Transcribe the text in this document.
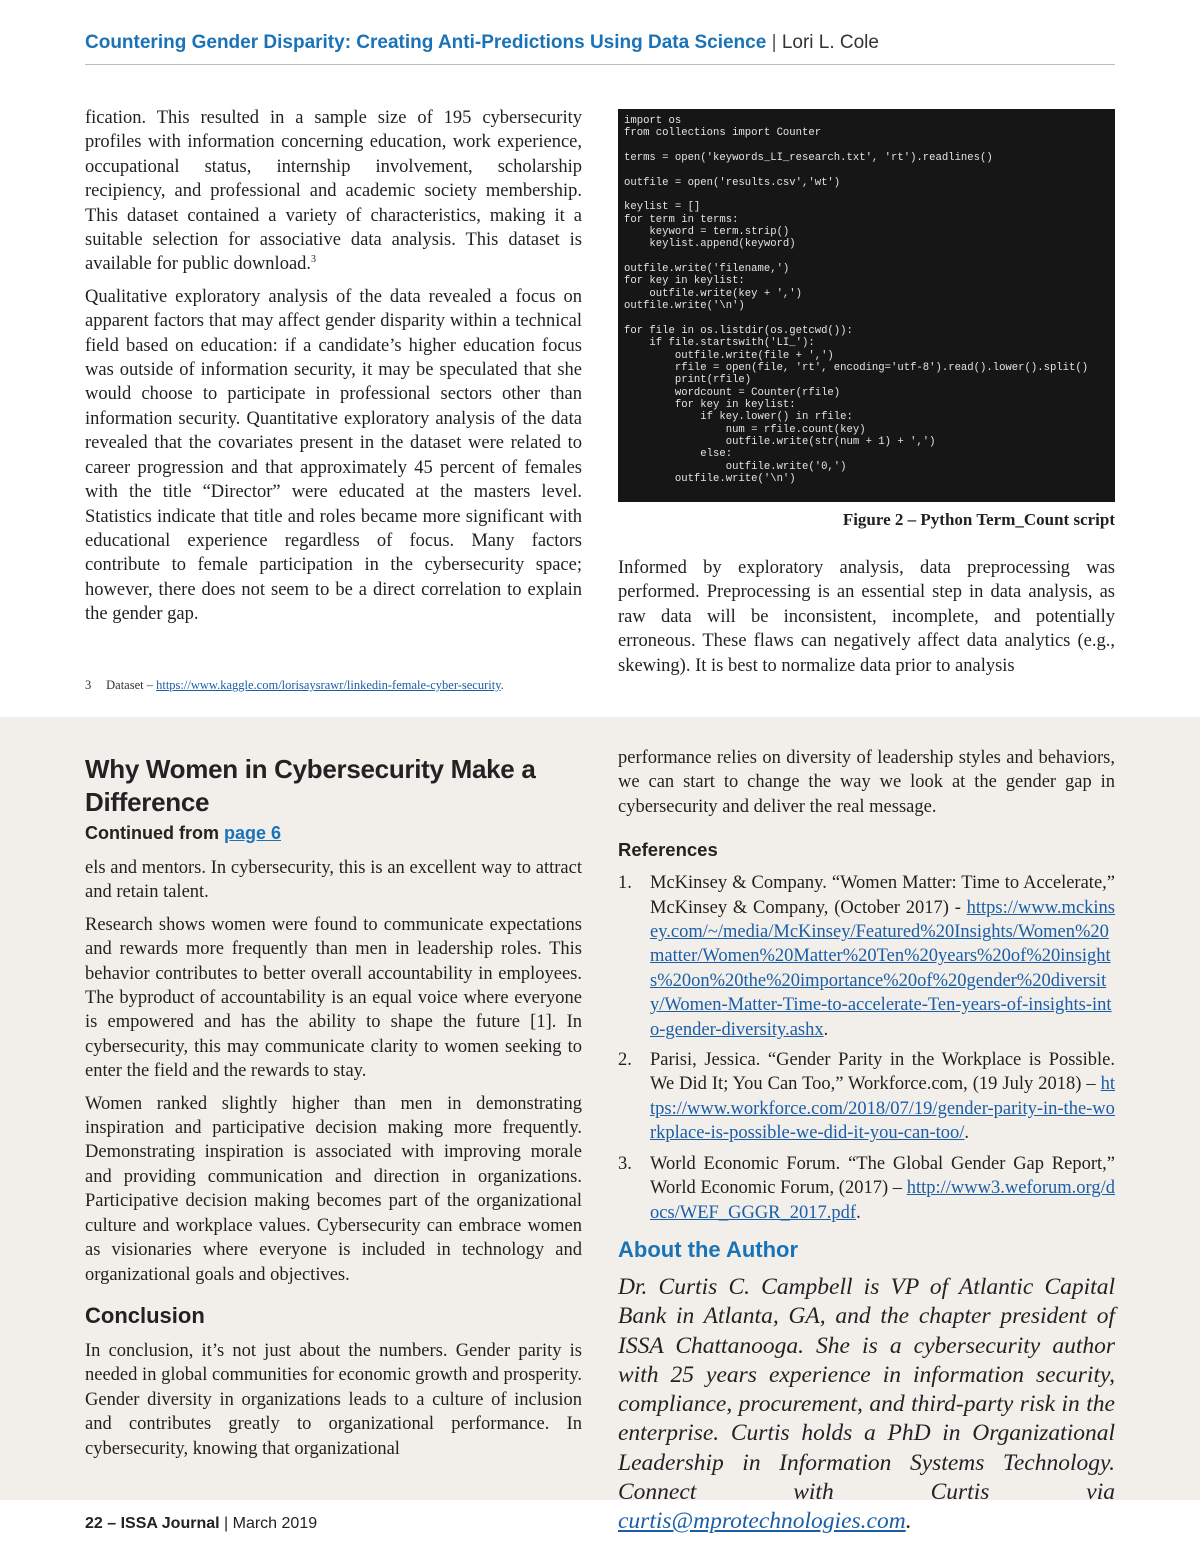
Countering Gender Disparity: Creating Anti-Predictions Using Data Science | Lori L. Cole

fication. This resulted in a sample size of 195 cybersecurity profiles with information concerning education, work experience, occupational status, internship involvement, scholarship recipiency, and professional and academic society membership. This dataset contained a variety of characteristics, making it a suitable selection for associative data analysis. This dataset is available for public download.$^3$

Qualitative exploratory analysis of the data revealed a focus on apparent factors that may affect gender disparity within a technical field based on education: if a candidate’s higher education focus was outside of information security, it may be speculated that she would choose to participate in professional sectors other than information security. Quantitative exploratory analysis of the data revealed that the covariates present in the dataset were related to career progression and that approximately 45 percent of females with the title “Director” were educated at the masters level. Statistics indicate that title and roles became more significant with educational experience regardless of focus. Many factors contribute to female participation in the cybersecurity space; however, there does not seem to be a direct correlation to explain the gender gap.

3 Dataset – https://www.kaggle.com/lorisaysrawr/linkedin-female-cyber-security.
import os
from collections import Counter

terms = open('keywords_LI_research.txt', 'rt').readlines()

outfile = open('results.csv','wt')

keylist = []
for term in terms:
keyword = term.strip()
keylist.append(keyword)

outfile.write('filename,')
for key in keylist:
outfile.write(key + ',')
outfile.write('\n')

for file in os.listdir(os.getcwd()):
if file.startswith('LI_'):
outfile.write(file + ',')
rfile = open(file, 'rt', encoding='utf-8').read().lower().split()
print(rfile)
wordcount = Counter(rfile)
for key in keylist:
if key.lower() in rfile:
num = rfile.count(key)
outfile.write(str(num + 1) + ',')
else:
outfile.write('0,')
outfile.write('\n')
Figure 2 – Python Term_Count script

Informed by exploratory analysis, data preprocessing was performed. Preprocessing is an essential step in data analysis, as raw data will be inconsistent, incomplete, and potentially erroneous. These flaws can negatively affect data analytics (e.g., skewing). It is best to normalize data prior to analysis

Why Women in Cybersecurity Make a Difference
Continued from page 6

els and mentors. In cybersecurity, this is an excellent way to attract and retain talent.

Research shows women were found to communicate expectations and rewards more frequently than men in leadership roles. This behavior contributes to better overall accountability in employees. The byproduct of accountability is an equal voice where everyone is empowered and has the ability to shape the future [1]. In cybersecurity, this may communicate clarity to women seeking to enter the field and the rewards to stay.

Women ranked slightly higher than men in demonstrating inspiration and participative decision making more frequently. Demonstrating inspiration is associated with improving morale and providing communication and direction in organizations. Participative decision making becomes part of the organizational culture and workplace values. Cybersecurity can embrace women as visionaries where everyone is included in technology and organizational goals and objectives.

Conclusion

In conclusion, it’s not just about the numbers. Gender parity is needed in global communities for economic growth and prosperity. Gender diversity in organizations leads to a culture of inclusion and contributes greatly to organizational performance. In cybersecurity, knowing that organizational

performance relies on diversity of leadership styles and behaviors, we can start to change the way we look at the gender gap in cybersecurity and deliver the real message.

References
1. McKinsey & Company. “Women Matter: Time to Accelerate,” McKinsey & Company, (October 2017) - https://www.mckinsey.com/~/media/McKinsey/Featured%20Insights/Women%20matter/Women%20Matter%20Ten%20years%20of%20insights%20on%20the%20importance%20of%20gender%20diversity/Women-Matter-Time-to-accelerate-Ten-years-of-insights-into-gender-diversity.ashx.
2. Parisi, Jessica. “Gender Parity in the Workplace is Possible. We Did It; You Can Too,” Workforce.com, (19 July 2018) – https://www.workforce.com/2018/07/19/gender-parity-in-the-workplace-is-possible-we-did-it-you-can-too/.
3. World Economic Forum. “The Global Gender Gap Report,” World Economic Forum, (2017) – http://www3.weforum.org/docs/WEF_GGGR_2017.pdf.
About the Author
Dr. Curtis C. Campbell is VP of Atlantic Capital Bank in Atlanta, GA, and the chapter president of ISSA Chattanooga. She is a cybersecurity author with 25 years experience in information security, compliance, procurement, and third-party risk in the enterprise. Curtis holds a PhD in Organizational Leadership in Information Systems Technology. Connect with Curtis via curtis@mprotechnologies.com.
22 – ISSA Journal | March 2019
